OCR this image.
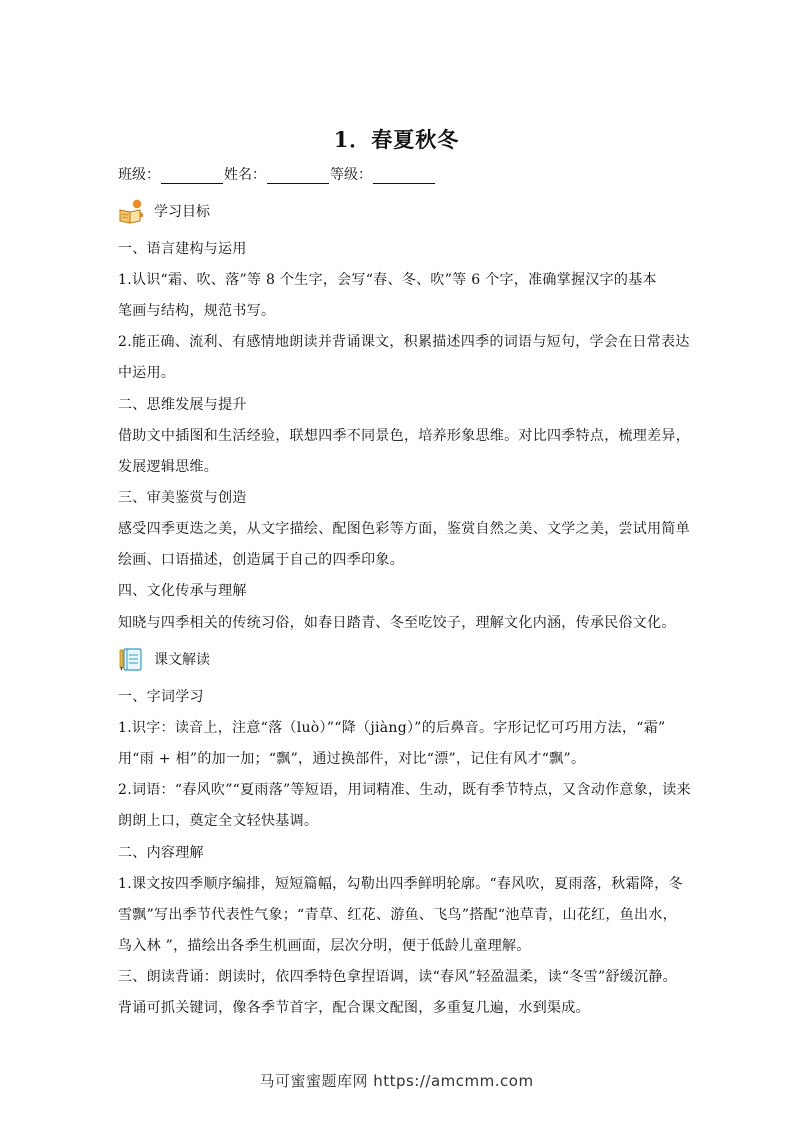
1．春夏秋冬
班级：	姓名：	等级：
学习目标
一、语言建构与运用
1.认识“霜、吹、落”等 8 个生字，会写“春、冬、吹”等 6 个字，准确掌握汉字的基本
笔画与结构，规范书写。
2.能正确、流利、有感情地朗读并背诵课文，积累描述四季的词语与短句，学会在日常表达
中运用。
二、思维发展与提升
借助文中插图和生活经验，联想四季不同景色，培养形象思维。对比四季特点，梳理差异，
发展逻辑思维。
三、审美鉴赏与创造
感受四季更迭之美，从文字描绘、配图色彩等方面，鉴赏自然之美、文学之美，尝试用简单
绘画、口语描述，创造属于自己的四季印象。
四、文化传承与理解
知晓与四季相关的传统习俗，如春日踏青、冬至吃饺子，理解文化内涵，传承民俗文化。
课文解读
一、字词学习
1.识字：读音上，注意“落（luò）”“降（jiàng）”的后鼻音。字形记忆可巧用方法，“霜”
用“雨 + 相”的加一加；“飘”，通过换部件，对比“漂”，记住有风才“飘”。
2.词语：“春风吹”“夏雨落”等短语，用词精准、生动，既有季节特点，又含动作意象，读来
朗朗上口，奠定全文轻快基调。
二、内容理解
1.课文按四季顺序编排，短短篇幅，勾勒出四季鲜明轮廓。“春风吹，夏雨落，秋霜降，冬
雪飘”写出季节代表性气象；“青草、红花、游鱼、飞鸟”搭配“池草青，山花红，鱼出水，
鸟入林 ”，描绘出各季生机画面，层次分明，便于低龄儿童理解。
三、朗读背诵：朗读时，依四季特色拿捏语调，读“春风”轻盈温柔，读“冬雪”舒缓沉静。
背诵可抓关键词，像各季节首字，配合课文配图，多重复几遍，水到渠成。
马可蜜蜜题库网 https://amcmm.com
